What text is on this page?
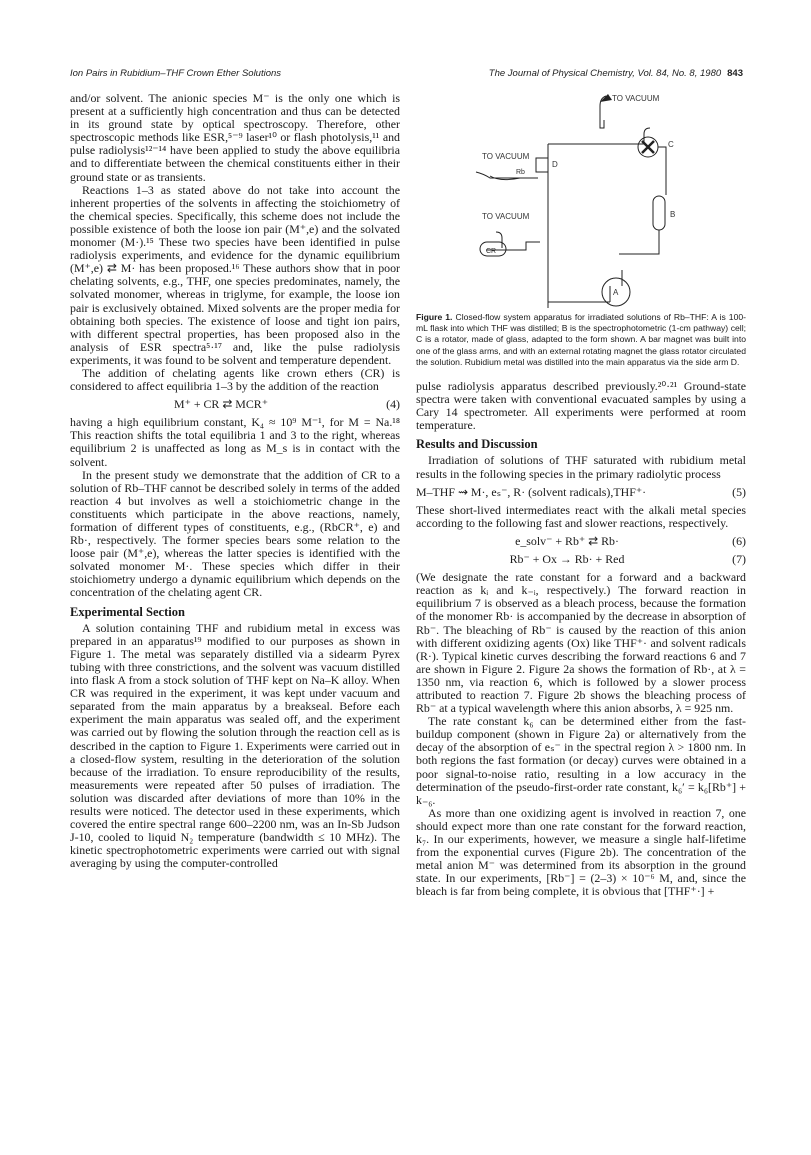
Ion Pairs in Rubidium–THF Crown Ether Solutions	The Journal of Physical Chemistry, Vol. 84, No. 8, 1980 843

and/or solvent. The anionic species M⁻ is the only one which is present at a sufficiently high concentration and thus can be detected in its ground state by optical spectroscopy. Therefore, other spectroscopic methods like ESR,⁵⁻⁹ laser¹⁰ or flash photolysis,¹¹ and pulse radiolysis¹²⁻¹⁴ have been applied to study the above equilibria and to differentiate between the chemical constituents either in their ground state or as transients.

Reactions 1–3 as stated above do not take into account the inherent properties of the solvents in affecting the stoichiometry of the chemical species. Specifically, this scheme does not include the possible existence of both the loose ion pair (M⁺,e) and the solvated monomer (M·).¹⁵ These two species have been identified in pulse radiolysis experiments, and evidence for the dynamic equilibrium (M⁺,e) ⇄ M· has been proposed.¹⁶ These authors show that in poor chelating solvents, e.g., THF, one species predominates, namely, the solvated monomer, whereas in triglyme, for example, the loose ion pair is exclusively obtained. Mixed solvents are the proper media for obtaining both species. The existence of loose and tight ion pairs, with different spectral properties, has been proposed also in the analysis of ESR spectra⁵·¹⁷ and, like the pulse radiolysis experiments, it was found to be solvent and temperature dependent.

The addition of chelating agents like crown ethers (CR) is considered to affect equilibria 1–3 by the addition of the reaction

M⁺ + CR ⇄ MCR⁺	(4)

having a high equilibrium constant, K₄ ≈ 10⁹ M⁻¹, for M = Na.¹⁸ This reaction shifts the total equilibria 1 and 3 to the right, whereas equilibrium 2 is unaffected as long as M_s is in contact with the solvent.

In the present study we demonstrate that the addition of CR to a solution of Rb–THF cannot be described solely in terms of the added reaction 4 but involves as well a stoichiometric change in the constituents which participate in the above reactions, namely, formation of different types of constituents, e.g., (RbCR⁺, e) and Rb·, respectively. The former species bears some relation to the loose pair (M⁺,e), whereas the latter species is identified with the solvated monomer M·. These species which differ in their stoichiometry undergo a dynamic equilibrium which depends on the concentration of the chelating agent CR.

Experimental Section

A solution containing THF and rubidium metal in excess was prepared in an apparatus¹⁹ modified to our purposes as shown in Figure 1. The metal was separately distilled via a sidearm Pyrex tubing with three constrictions, and the solvent was vacuum distilled into flask A from a stock solution of THF kept on Na–K alloy. When CR was required in the experiment, it was kept under vacuum and separated from the main apparatus by a breakseal. Before each experiment the main apparatus was sealed off, and the experiment was carried out by flowing the solution through the reaction cell as is described in the caption to Figure 1. Experiments were carried out in a closed-flow system, resulting in the deterioration of the solution because of the irradiation. To ensure reproducibility of the results, measurements were repeated after 50 pulses of irradiation. The solution was discarded after deviations of more than 10% in the results were noticed. The detector used in these experiments, which covered the entire spectral range 600–2200 nm, was an In-Sb Judson J-10, cooled to liquid N₂ temperature (bandwidth ≤ 10 MHz). The kinetic spectrophotometric experiments were carried out with signal averaging by using the computer-controlled

TO VACUUM
TO VACUUM
TO VACUUM
Rb
CR
A
B
C
D
Figure 1. Closed-flow system apparatus for irradiated solutions of Rb–THF: A is 100-mL flask into which THF was distilled; B is the spectrophotometric (1-cm pathway) cell; C is a rotator, made of glass, adapted to the form shown. A bar magnet was built into one of the glass arms, and with an external rotating magnet the glass rotator circulated the solution. Rubidium metal was distilled into the main apparatus via the side arm D.

pulse radiolysis apparatus described previously.²⁰·²¹ Ground-state spectra were taken with conventional evacuated samples by using a Cary 14 spectrometer. All experiments were performed at room temperature.

Results and Discussion

Irradiation of solutions of THF saturated with rubidium metal results in the following species in the primary radiolytic process

M–THF ⇝ M·, eₛ⁻, R· (solvent radicals),THF⁺·	(5)

These short-lived intermediates react with the alkali metal species according to the following fast and slower reactions, respectively.

e_solv⁻ + Rb⁺ ⇄ Rb·	(6)
Rb⁻ + Ox → Rb· + Red	(7)

(We designate the rate constant for a forward and a backward reaction as kᵢ and k₋ᵢ, respectively.) The forward reaction in equilibrium 7 is observed as a bleach process, because the formation of the monomer Rb· is accompanied by the decrease in absorption of Rb⁻. The bleaching of Rb⁻ is caused by the reaction of this anion with different oxidizing agents (Ox) like THF⁺· and solvent radicals (R·). Typical kinetic curves describing the forward reactions 6 and 7 are shown in Figure 2. Figure 2a shows the formation of Rb·, at λ = 1350 nm, via reaction 6, which is followed by a slower process attributed to reaction 7. Figure 2b shows the bleaching process of Rb⁻ at a typical wavelength where this anion absorbs, λ = 925 nm.

The rate constant k₆ can be determined either from the fast-buildup component (shown in Figure 2a) or alternatively from the decay of the absorption of eₛ⁻ in the spectral region λ > 1800 nm. In both regions the fast formation (or decay) curves were obtained in a poor signal-to-noise ratio, resulting in a low accuracy in the determination of the pseudo-first-order rate constant, k₆′ = k₆[Rb⁺] + k₋₆.

As more than one oxidizing agent is involved in reaction 7, one should expect more than one rate constant for the forward reaction, k₇. In our experiments, however, we measure a single half-lifetime from the exponential curves (Figure 2b). The concentration of the metal anion M⁻ was determined from its absorption in the ground state. In our experiments, [Rb⁻] = (2–3) × 10⁻⁶ M, and, since the bleach is far from being complete, it is obvious that [THF⁺·] +
